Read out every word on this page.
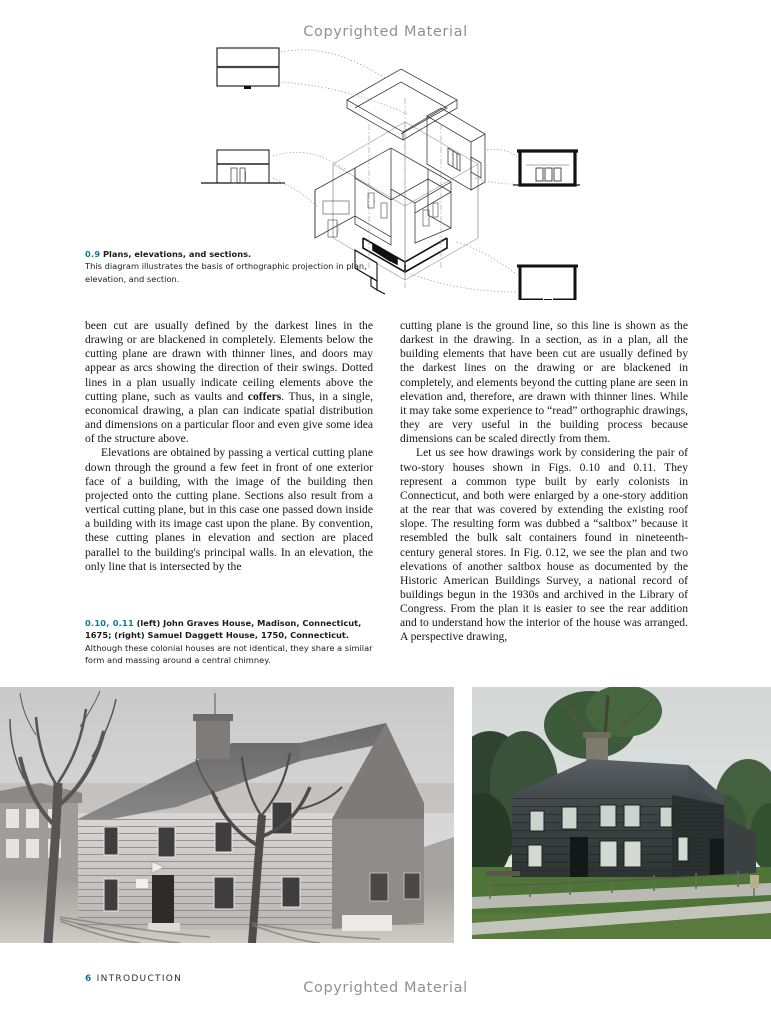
Copyrighted Material
0.9 Plans, elevations, and sections.
This diagram illustrates the basis of orthographic projection in plan, elevation, and section.

been cut are usually defined by the darkest lines in the drawing or are blackened in completely. Elements below the cutting plane are drawn with thinner lines, and doors may appear as arcs showing the direction of their swings. Dotted lines in a plan usually indicate ceiling elements above the cutting plane, such as vaults and coffers. Thus, in a single, economical drawing, a plan can indicate spatial distribution and dimensions on a particular floor and even give some idea of the structure above.

Elevations are obtained by passing a vertical cutting plane down through the ground a few feet in front of one exterior face of a building, with the image of the building then projected onto the cutting plane. Sections also result from a vertical cutting plane, but in this case one passed down inside a building with its image cast upon the plane. By convention, these cutting planes in elevation and section are placed parallel to the building's principal walls. In an elevation, the only line that is intersected by the

cutting plane is the ground line, so this line is shown as the darkest in the drawing. In a section, as in a plan, all the building elements that have been cut are usually defined by the darkest lines on the drawing or are blackened in completely, and elements beyond the cutting plane are seen in elevation and, therefore, are drawn with thinner lines. While it may take some experience to “read” orthographic drawings, they are very useful in the building process because dimensions can be scaled directly from them.

Let us see how drawings work by considering the pair of two-story houses shown in Figs. 0.10 and 0.11. They represent a common type built by early colonists in Connecticut, and both were enlarged by a one-story addition at the rear that was covered by extending the existing roof slope. The resulting form was dubbed a “saltbox” because it resembled the bulk salt containers found in nineteenth-century general stores. In Fig. 0.12, we see the plan and two elevations of another saltbox house as documented by the Historic American Buildings Survey, a national record of buildings begun in the 1930s and archived in the Library of Congress. From the plan it is easier to see the rear addition and to understand how the interior of the house was arranged. A perspective drawing,

0.10, 0.11 (left) John Graves House, Madison, Connecticut, 1675; (right) Samuel Daggett House, 1750, Connecticut.
Although these colonial houses are not identical, they share a similar form and massing around a central chimney.
6 INTRODUCTION
Copyrighted Material
